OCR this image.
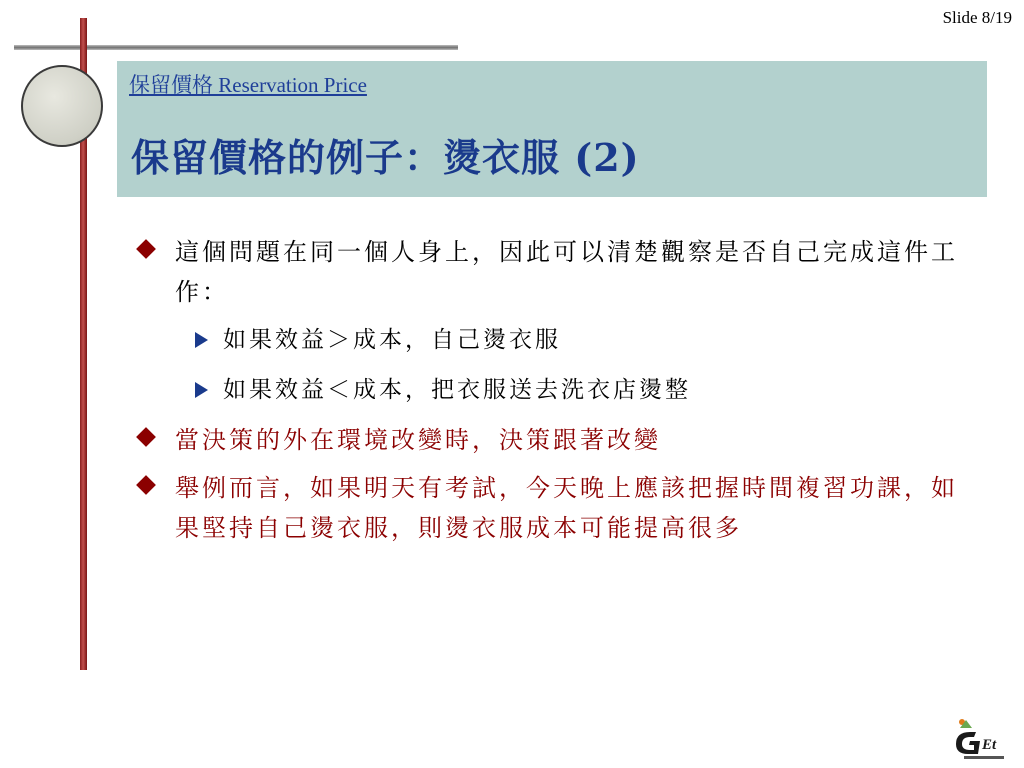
Slide 8/19
保留價格 Reservation Price
保留價格的例子：燙衣服 (2)
這個問題在同一個人身上，因此可以清楚觀察是否自己完成這件工作：
如果效益＞成本，自己燙衣服
如果效益＜成本，把衣服送去洗衣店燙整
當決策的外在環境改變時，決策跟著改變
舉例而言，如果明天有考試，今天晚上應該把握時間複習功課，如果堅持自己燙衣服，則燙衣服成本可能提高很多
Et
